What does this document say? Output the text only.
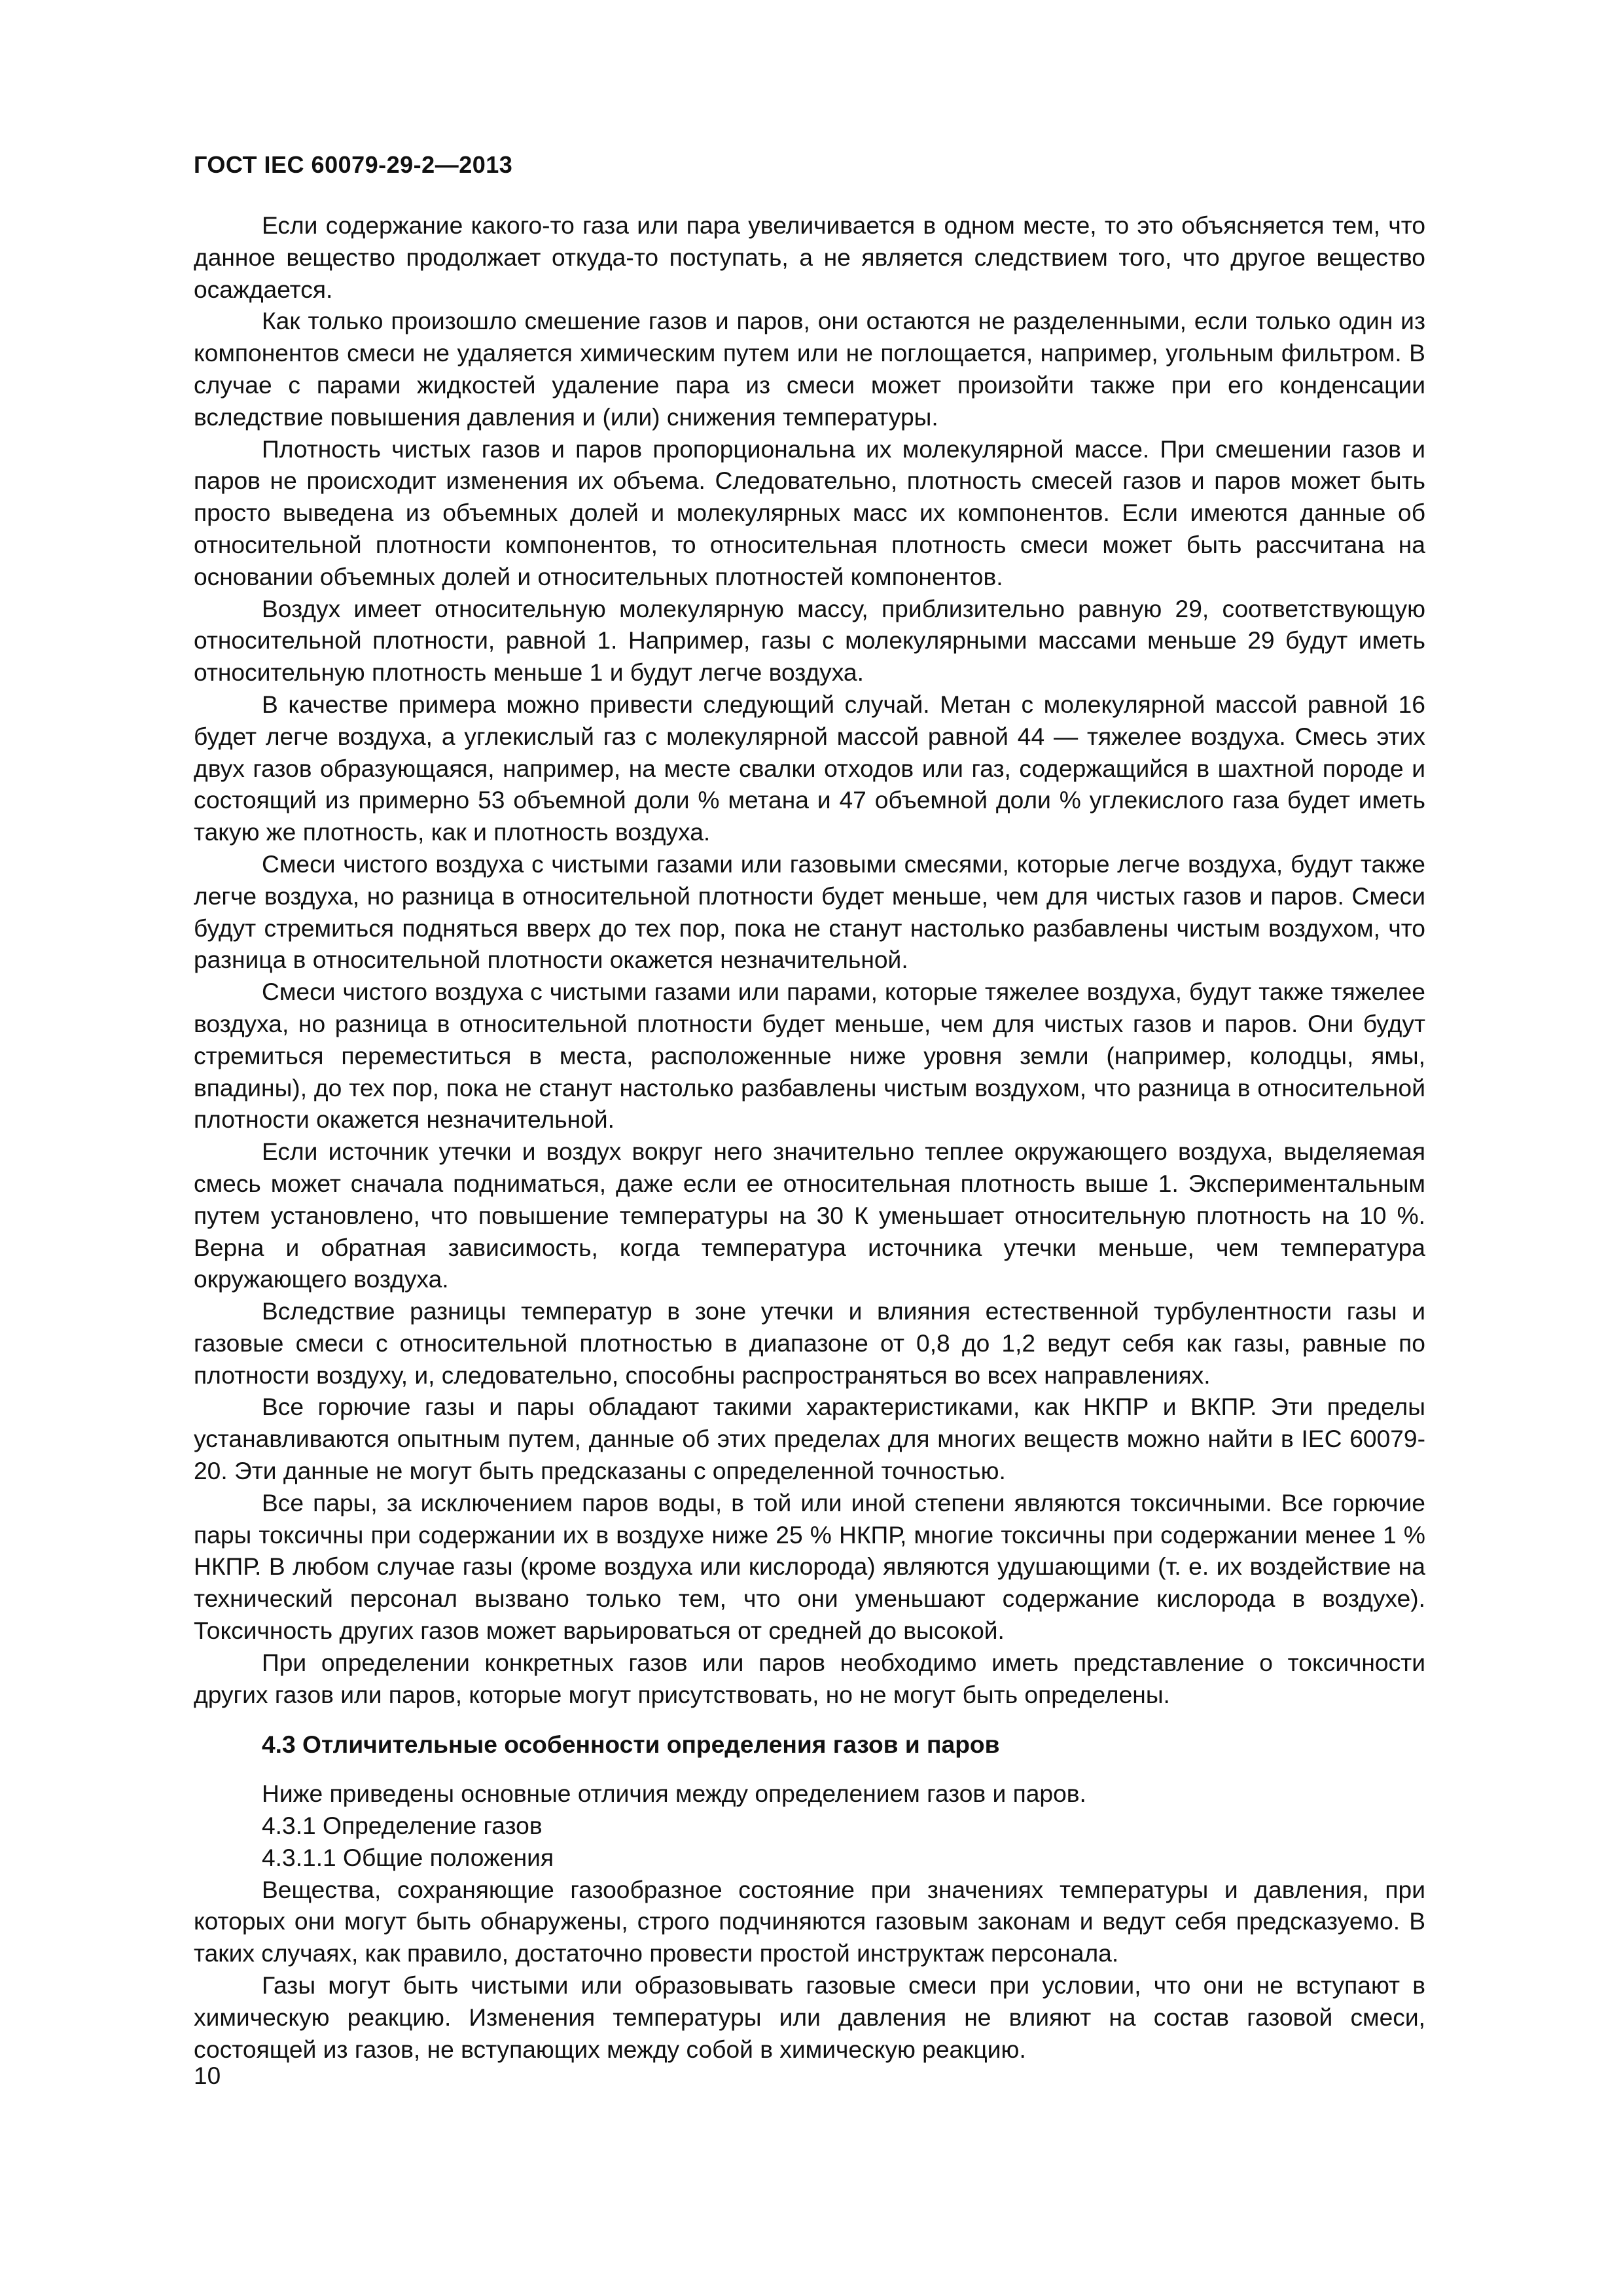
ГОСТ IEC 60079-29-2—2013

Если содержание какого-то газа или пара увеличивается в одном месте, то это объясняется тем, что данное вещество продолжает откуда-то поступать, а не является следствием того, что другое вещество осаждается.

Как только произошло смешение газов и паров, они остаются не разделенными, если только один из компонентов смеси не удаляется химическим путем или не поглощается, например, угольным фильтром. В случае с парами жидкостей удаление пара из смеси может произойти также при его конденсации вследствие повышения давления и (или) снижения температуры.

Плотность чистых газов и паров пропорциональна их молекулярной массе. При смешении газов и паров не происходит изменения их объема. Следовательно, плотность смесей газов и паров может быть просто выведена из объемных долей и молекулярных масс их компонентов. Если имеются данные об относительной плотности компонентов, то относительная плотность смеси может быть рассчитана на основании объемных долей и относительных плотностей компонентов.

Воздух имеет относительную молекулярную массу, приблизительно равную 29, соответствующую относительной плотности, равной 1. Например, газы с молекулярными массами меньше 29 будут иметь относительную плотность меньше 1 и будут легче воздуха.

В качестве примера можно привести следующий случай. Метан с молекулярной массой равной 16 будет легче воздуха, а углекислый газ с молекулярной массой равной 44 — тяжелее воздуха. Смесь этих двух газов образующаяся, например, на месте свалки отходов или газ, содержащийся в шахтной породе и состоящий из примерно 53 объемной доли % метана и 47 объемной доли % углекислого газа будет иметь такую же плотность, как и плотность воздуха.

Смеси чистого воздуха с чистыми газами или газовыми смесями, которые легче воздуха, будут также легче воздуха, но разница в относительной плотности будет меньше, чем для чистых газов и паров. Смеси будут стремиться подняться вверх до тех пор, пока не станут настолько разбавлены чистым воздухом, что разница в относительной плотности окажется незначительной.

Смеси чистого воздуха с чистыми газами или парами, которые тяжелее воздуха, будут также тяжелее воздуха, но разница в относительной плотности будет меньше, чем для чистых газов и паров. Они будут стремиться переместиться в места, расположенные ниже уровня земли (например, колодцы, ямы, впадины), до тех пор, пока не станут настолько разбавлены чистым воздухом, что разница в относительной плотности окажется незначительной.

Если источник утечки и воздух вокруг него значительно теплее окружающего воздуха, выделяемая смесь может сначала подниматься, даже если ее относительная плотность выше 1. Экспериментальным путем установлено, что повышение температуры на 30 К уменьшает относительную плотность на 10 %. Верна и обратная зависимость, когда температура источника утечки меньше, чем температура окружающего воздуха.

Вследствие разницы температур в зоне утечки и влияния естественной турбулентности газы и газовые смеси с относительной плотностью в диапазоне от 0,8 до 1,2 ведут себя как газы, равные по плотности воздуху, и, следовательно, способны распространяться во всех направлениях.

Все горючие газы и пары обладают такими характеристиками, как НКПР и ВКПР. Эти пределы устанавливаются опытным путем, данные об этих пределах для многих веществ можно найти в IEC 60079-20. Эти данные не могут быть предсказаны с определенной точностью.

Все пары, за исключением паров воды, в той или иной степени являются токсичными. Все горючие пары токсичны при содержании их в воздухе ниже 25 % НКПР, многие токсичны при содержании менее 1 % НКПР. В любом случае газы (кроме воздуха или кислорода) являются удушающими (т. е. их воздействие на технический персонал вызвано только тем, что они уменьшают содержание кислорода в воздухе). Токсичность других газов может варьироваться от средней до высокой.

При определении конкретных газов или паров необходимо иметь представление о токсичности других газов или паров, которые могут присутствовать, но не могут быть определены.

4.3 Отличительные особенности определения газов и паров

Ниже приведены основные отличия между определением газов и паров.

4.3.1 Определение газов

4.3.1.1 Общие положения

Вещества, сохраняющие газообразное состояние при значениях температуры и давления, при которых они могут быть обнаружены, строго подчиняются газовым законам и ведут себя предсказуемо. В таких случаях, как правило, достаточно провести простой инструктаж персонала.

Газы могут быть чистыми или образовывать газовые смеси при условии, что они не вступают в химическую реакцию. Изменения температуры или давления не влияют на состав газовой смеси, состоящей из газов, не вступающих между собой в химическую реакцию.

10
